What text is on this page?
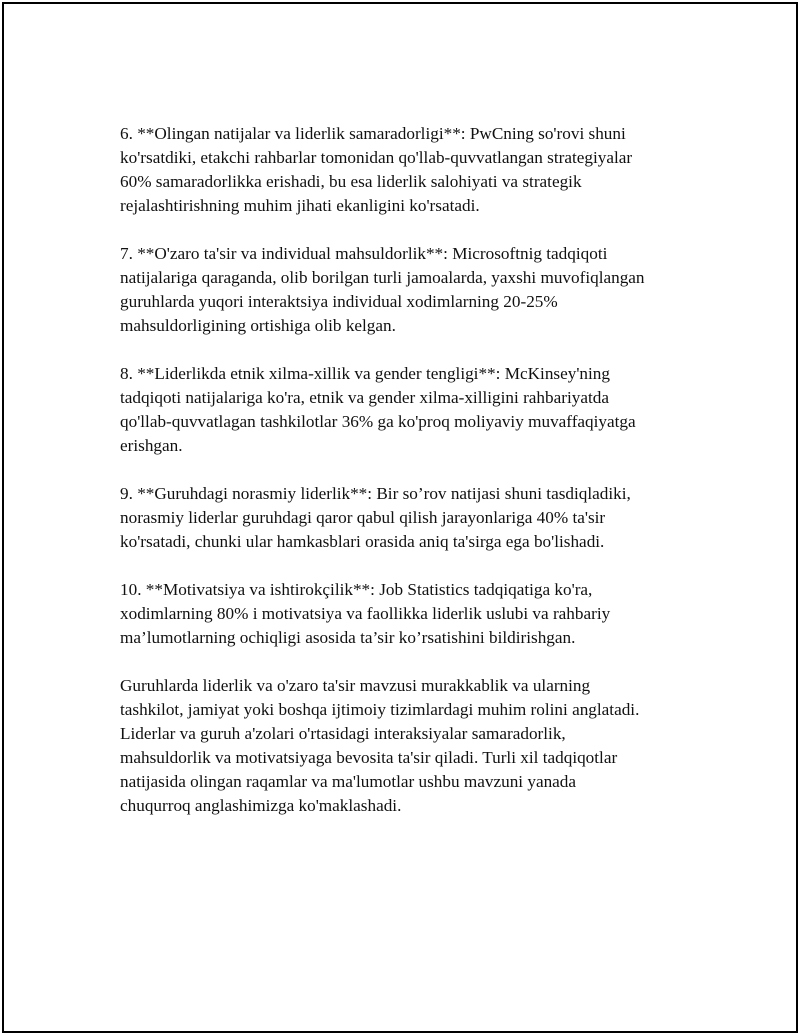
6. **Olingan natijalar va liderlik samaradorligi**: PwCning so'rovi shuni
ko'rsatdiki, etakchi rahbarlar tomonidan qo'llab-quvvatlangan strategiyalar
60% samaradorlikka erishadi, bu esa liderlik salohiyati va strategik
rejalashtirishning muhim jihati ekanligini ko'rsatadi.

7. **O'zaro ta'sir va individual mahsuldorlik**: Microsoftnig tadqiqoti
natijalariga qaraganda, olib borilgan turli jamoalarda, yaxshi muvofiqlangan
guruhlarda yuqori interaktsiya individual xodimlarning 20-25%
mahsuldorligining ortishiga olib kelgan.

8. **Liderlikda etnik xilma-xillik va gender tengligi**: McKinsey'ning
tadqiqoti natijalariga ko'ra, etnik va gender xilma-xilligini rahbariyatda
qo'llab-quvvatlagan tashkilotlar 36% ga ko'proq moliyaviy muvaffaqiyatga
erishgan.

9. **Guruhdagi norasmiy liderlik**: Bir so’rov natijasi shuni tasdiqladiki,
norasmiy liderlar guruhdagi qaror qabul qilish jarayonlariga 40% ta'sir
ko'rsatadi, chunki ular hamkasblari orasida aniq ta'sirga ega bo'lishadi.

10. **Motivatsiya va ishtirokçilik**: Job Statistics tadqiqatiga ko'ra,
xodimlarning 80% i motivatsiya va faollikka liderlik uslubi va rahbariy
ma’lumotlarning ochiqligi asosida ta’sir ko’rsatishini bildirishgan.

Guruhlarda liderlik va o'zaro ta'sir mavzusi murakkablik va ularning
tashkilot, jamiyat yoki boshqa ijtimoiy tizimlardagi muhim rolini anglatadi.
Liderlar va guruh a'zolari o'rtasidagi interaksiyalar samaradorlik,
mahsuldorlik va motivatsiyaga bevosita ta'sir qiladi. Turli xil tadqiqotlar
natijasida olingan raqamlar va ma'lumotlar ushbu mavzuni yanada
chuqurroq anglashimizga ko'maklashadi.
